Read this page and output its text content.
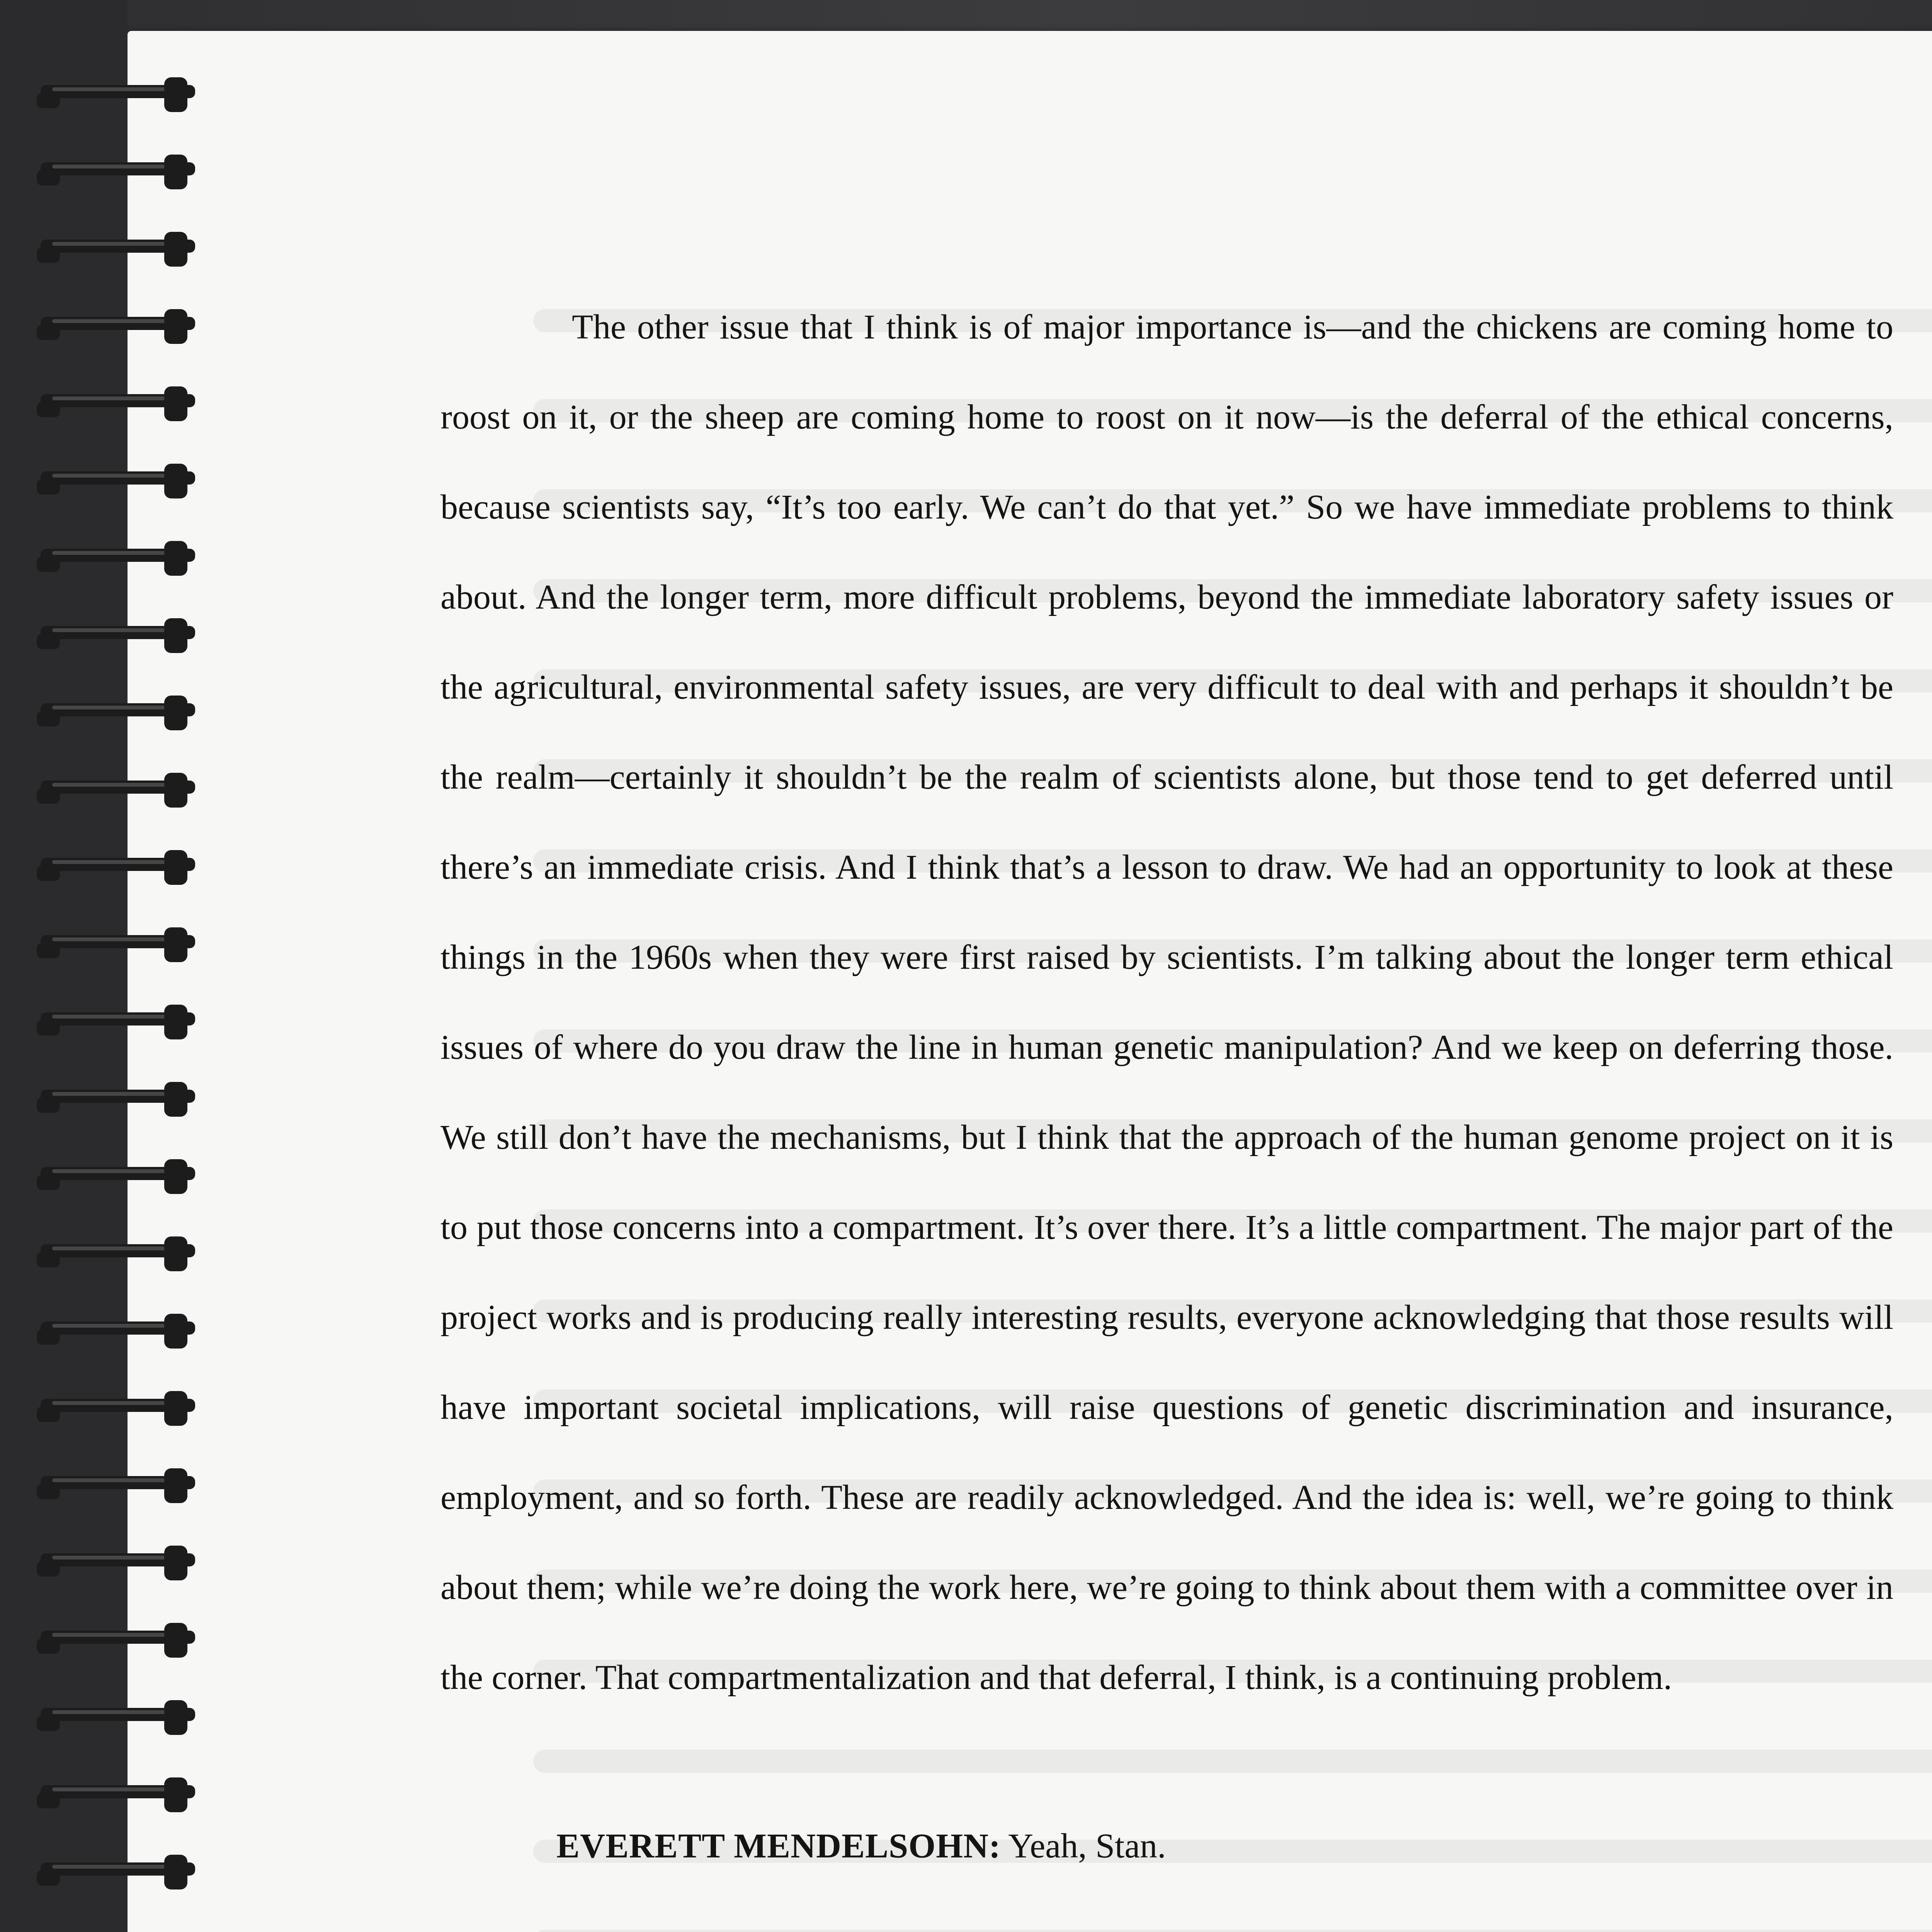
The other issue that I think is of major importance is—and the chickens are coming home to roost on it, or the sheep are coming home to roost on it now—is the deferral of the ethical concerns, because scientists say, “It’s too early. We can’t do that yet.” So we have immediate problems to think about. And the longer term, more difficult problems, beyond the immediate laboratory safety issues or the agricultural, environmental safety issues, are very difficult to deal with and perhaps it shouldn’t be the realm—certainly it shouldn’t be the realm of scientists alone, but those tend to get deferred until there’s an immediate crisis. And I think that’s a lesson to draw. We had an opportunity to look at these things in the 1960s when they were first raised by scientists. I’m talking about the longer term ethical issues of where do you draw the line in human genetic manipulation? And we keep on deferring those. We still don’t have the mechanisms, but I think that the approach of the human genome project on it is to put those concerns into a compartment. It’s over there. It’s a little compartment. The major part of the project works and is producing really interesting results, everyone acknowledging that those results will have important societal implications, will raise questions of genetic discrimination and insurance, employment, and so forth. These are readily acknowledged. And the idea is: well, we’re going to think about them; while we’re doing the work here, we’re going to think about them with a committee over in the corner. That compartmentalization and that deferral, I think, is a continuing problem.

EVERETT MENDELSOHN: Yeah, Stan.
